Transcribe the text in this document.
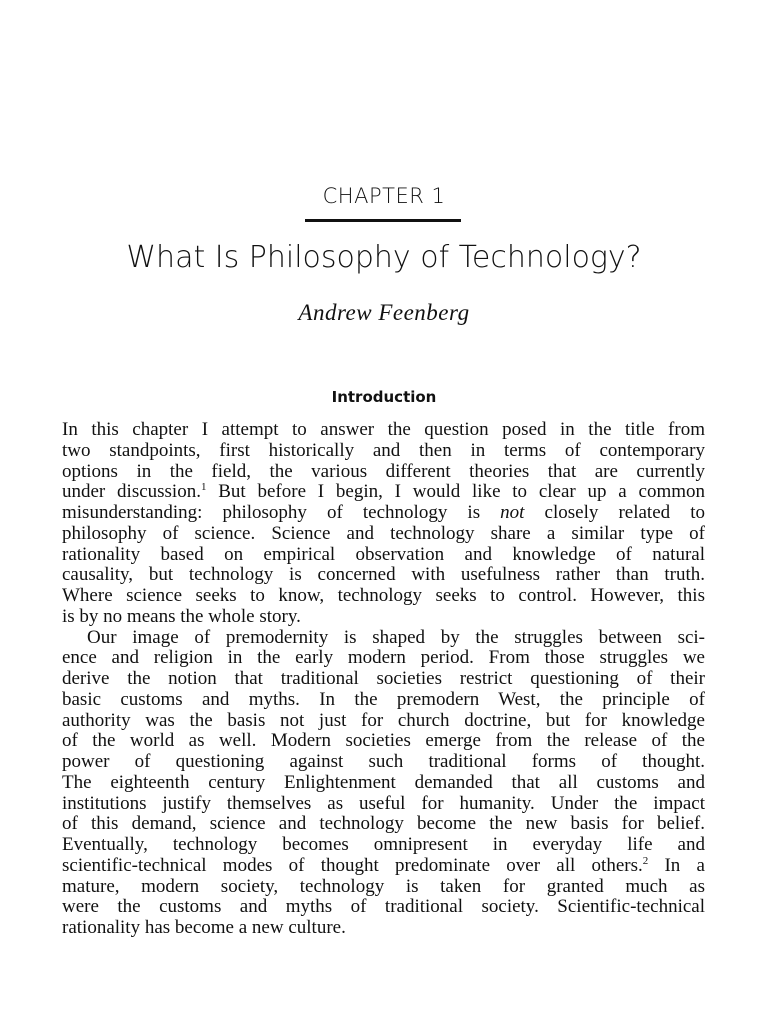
CHAPTER 1
What Is Philosophy of Technology?
Andrew Feenberg
Introduction
In this chapter I attempt to answer the question posed in the title from
two standpoints, first historically and then in terms of contemporary
options in the field, the various different theories that are currently
under discussion.$^1$ But before I begin, I would like to clear up a common
misunderstanding: philosophy of technology is not closely related to
philosophy of science. Science and technology share a similar type of
rationality based on empirical observation and knowledge of natural
causality, but technology is concerned with usefulness rather than truth.
Where science seeks to know, technology seeks to control. However, this
is by no means the whole story.
Our image of premodernity is shaped by the struggles between sci-
ence and religion in the early modern period. From those struggles we
derive the notion that traditional societies restrict questioning of their
basic customs and myths. In the premodern West, the principle of
authority was the basis not just for church doctrine, but for knowledge
of the world as well. Modern societies emerge from the release of the
power of questioning against such traditional forms of thought.
The eighteenth century Enlightenment demanded that all customs and
institutions justify themselves as useful for humanity. Under the impact
of this demand, science and technology become the new basis for belief.
Eventually, technology becomes omnipresent in everyday life and
scientific-technical modes of thought predominate over all others.$^2$ In a
mature, modern society, technology is taken for granted much as
were the customs and myths of traditional society. Scientific-technical
rationality has become a new culture.
